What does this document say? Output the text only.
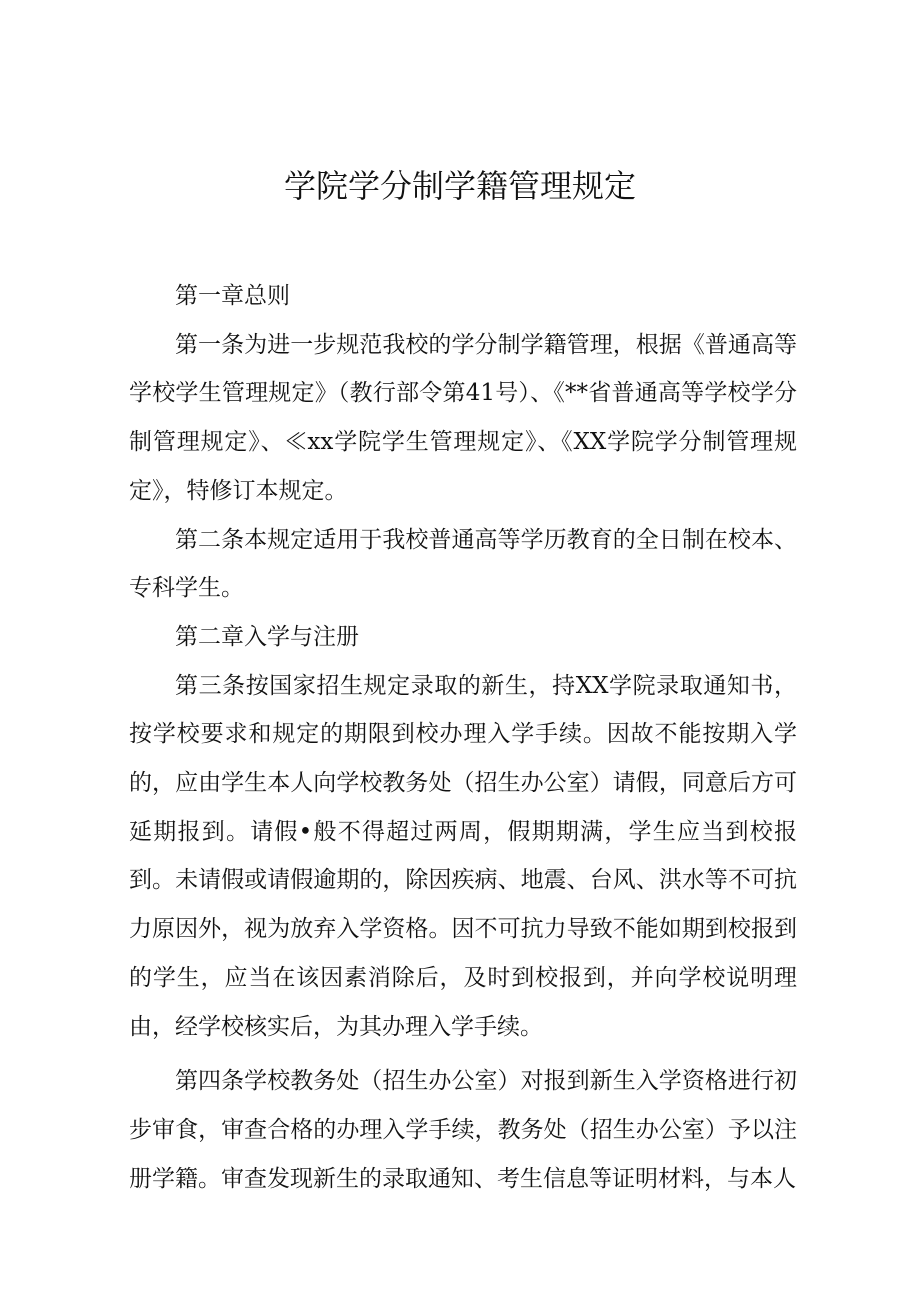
学院学分制学籍管理规定

第一章总则

第一条为进一步规范我校的学分制学籍管理，根据《普通高等学校学生管理规定》（教行部令第41号）、《**省普通高等学校学分制管理规定》、≪xx学院学生管理规定》、《XX学院学分制管理规定》，特修订本规定。

第二条本规定适用于我校普通高等学历教育的全日制在校本、专科学生。

第二章入学与注册

第三条按国家招生规定录取的新生，持XX学院录取通知书，按学校要求和规定的期限到校办理入学手续。因故不能按期入学的，应由学生本人向学校教务处（招生办公室）请假，同意后方可延期报到。请假•般不得超过两周，假期期满，学生应当到校报到。未请假或请假逾期的，除因疾病、地震、台风、洪水等不可抗力原因外，视为放弃入学资格。因不可抗力导致不能如期到校报到的学生，应当在该因素消除后，及时到校报到，并向学校说明理由，经学校核实后，为其办理入学手续。

第四条学校教务处（招生办公室）对报到新生入学资格进行初步审食，审查合格的办理入学手续，教务处（招生办公室）予以注册学籍。审查发现新生的录取通知、考生信息等证明材料，与本人
